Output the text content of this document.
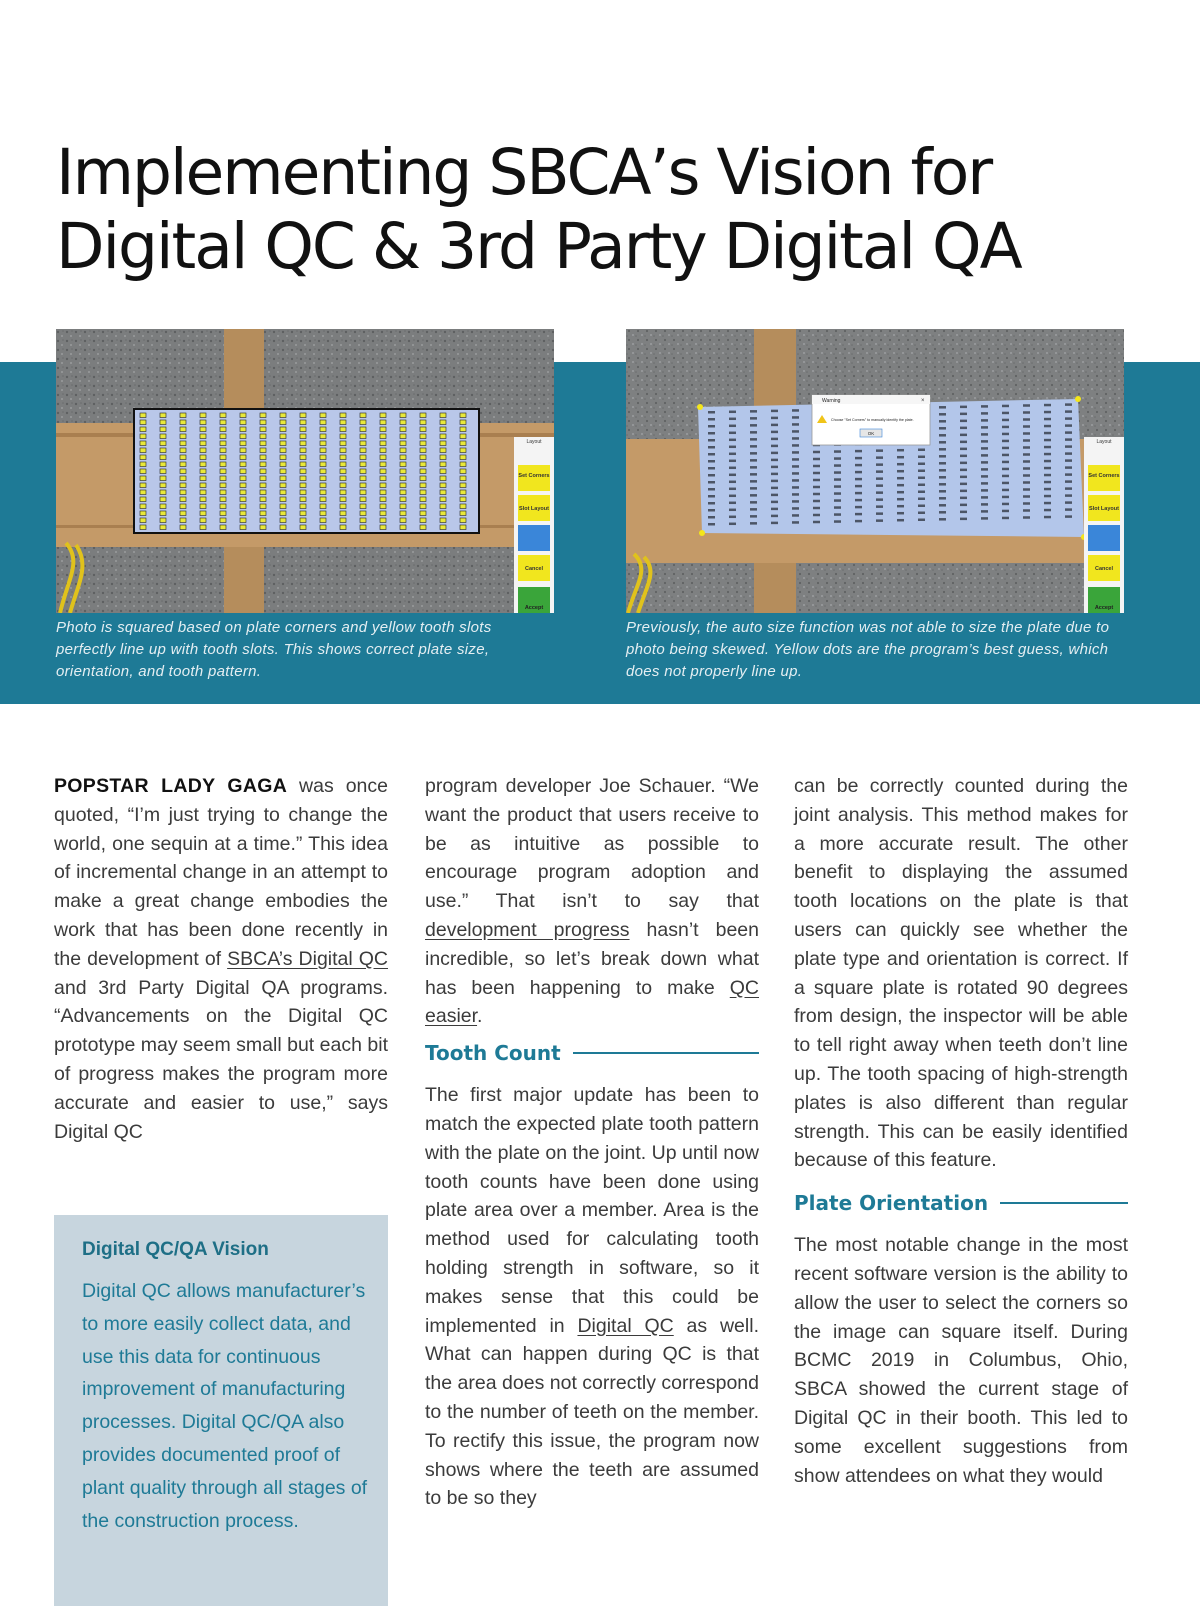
Implementing SBCA’s Vision for
Digital QC & 3rd Party Digital QA
Layout
Set Corners
Slot Layout
Cancel
Accept
Layout
Set Corners
Slot Layout
Cancel
Accept
Warning	×
Choose "Set Corners" to manually identify the plate.
OK

Photo is squared based on plate corners and yellow tooth slots perfectly line up with tooth slots. This shows correct plate size, orientation, and tooth pattern.

Previously, the auto size function was not able to size the plate due to photo being skewed. Yellow dots are the program’s best guess, which does not properly line up.

POPSTAR LADY GAGA was once quoted, “I’m just trying to change the world, one sequin at a time.” This idea of incremental change in an attempt to make a great change embodies the work that has been done recently in the development of SBCA’s Digital QC and 3rd Party Digital QA programs. “Advancements on the Digital QC prototype may seem small but each bit of progress makes the program more accurate and easier to use,” says Digital QC

Digital QC/QA Vision

Digital QC allows manufacturer’s to more easily collect data, and use this data for continuous improvement of manufacturing processes. Digital QC/QA also provides documented proof of plant quality through all stages of the construction process.

program developer Joe Schauer. “We want the product that users receive to be as intuitive as possible to encourage program adoption and use.” That isn’t to say that development progress hasn’t been incredible, so let’s break down what has been happening to make QC easier.

Tooth Count

The first major update has been to match the expected plate tooth pattern with the plate on the joint. Up until now tooth counts have been done using plate area over a member. Area is the method used for calculating tooth holding strength in software, so it makes sense that this could be implemented in Digital QC as well. What can happen during QC is that the area does not correctly correspond to the number of teeth on the member. To rectify this issue, the program now shows where the teeth are assumed to be so they

can be correctly counted during the joint analysis. This method makes for a more accurate result. The other benefit to displaying the assumed tooth locations on the plate is that users can quickly see whether the plate type and orientation is correct. If a square plate is rotated 90 degrees from design, the inspector will be able to tell right away when teeth don’t line up. The tooth spacing of high-strength plates is also different than regular strength. This can be easily identified because of this feature.

Plate Orientation

The most notable change in the most recent software version is the ability to allow the user to select the corners so the image can square itself. During BCMC 2019 in Columbus, Ohio, SBCA showed the current stage of Digital QC in their booth. This led to some excellent suggestions from show attendees on what they would
